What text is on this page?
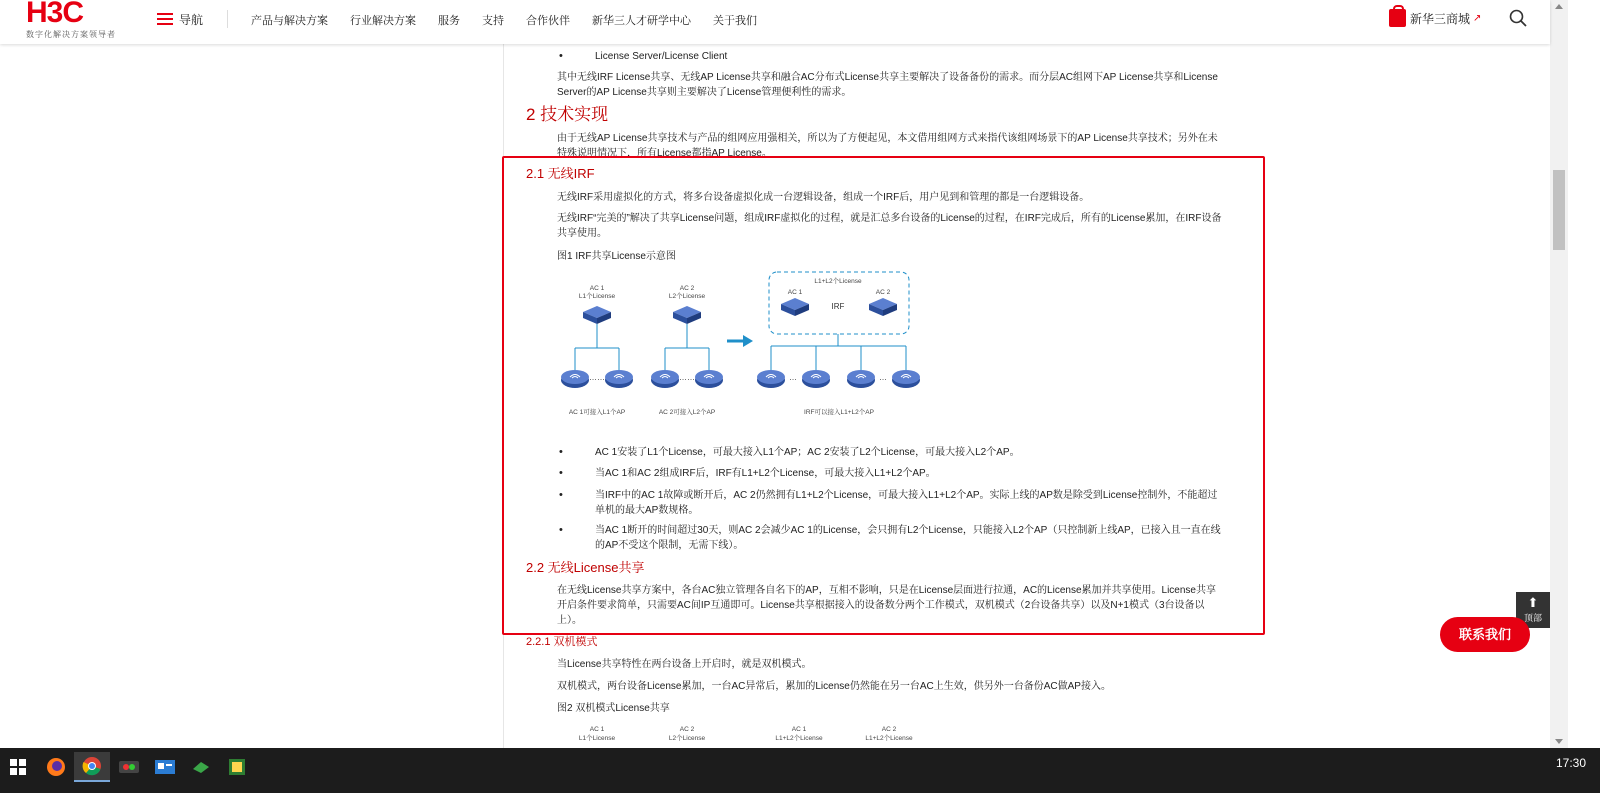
H3C
数字化解决方案领导者
导航	产品与解决方案 行业解决方案 服务 支持 合作伙伴 新华三人才研学中心 关于我们	新华三商城 ↗
• License Server/License Client
其中无线IRF License共享、无线AP License共享和融合AC分布式License共享主要解决了设备备份的需求。而分层AC组网下AP License共享和License Server的AP License共享则主要解决了License管理便利性的需求。
2 技术实现
由于无线AP License共享技术与产品的组网应用强相关，所以为了方便起见，本文借用组网方式来指代该组网场景下的AP License共享技术；另外在未特殊说明情况下，所有License都指AP License。
2.1 无线IRF
无线IRF采用虚拟化的方式，将多台设备虚拟化成一台逻辑设备，组成一个IRF后，用户见到和管理的都是一台逻辑设备。
无线IRF“完美的”解决了共享License问题，组成IRF虚拟化的过程，就是汇总多台设备的License的过程，在IRF完成后，所有的License累加，在IRF设备共享使用。
图1 IRF共享License示意图
AC 1
L1个License
AC 2
L2个License
L1+L2个License
AC 1	AC 2
IRF
AC 1可接入L1个AP	AC 2可接入L2个AP	IRF可以接入L1+L2个AP
……	……	…	…
• AC 1安装了L1个License，可最大接入L1个AP；AC 2安装了L2个License，可最大接入L2个AP。
• 当AC 1和AC 2组成IRF后，IRF有L1+L2个License，可最大接入L1+L2个AP。
• 当IRF中的AC 1故障或断开后，AC 2仍然拥有L1+L2个License，可最大接入L1+L2个AP。实际上线的AP数是除受到License控制外，不能超过单机的最大AP数规格。
• 当AC 1断开的时间超过30天，则AC 2会减少AC 1的License，会只拥有L2个License，只能接入L2个AP（只控制新上线AP，已接入且一直在线的AP不受这个限制，无需下线）。
2.2 无线License共享
在无线License共享方案中，各台AC独立管理各自名下的AP，互相不影响，只是在License层面进行拉通，AC的License累加并共享使用。License共享开启条件要求简单，只需要AC间IP互通即可。License共享根据接入的设备数分两个工作模式，双机模式（2台设备共享）以及N+1模式（3台设备以上）。
2.2.1 双机模式
当License共享特性在两台设备上开启时，就是双机模式。
双机模式，两台设备License累加，一台AC异常后，累加的License仍然能在另一台AC上生效，供另外一台备份AC做AP接入。
图2 双机模式License共享
AC 1
L1个License
AC 2
L2个License
AC 1
L1+L2个License
AC 2
L1+L2个License
⬆
顶部
联系我们
17:30
